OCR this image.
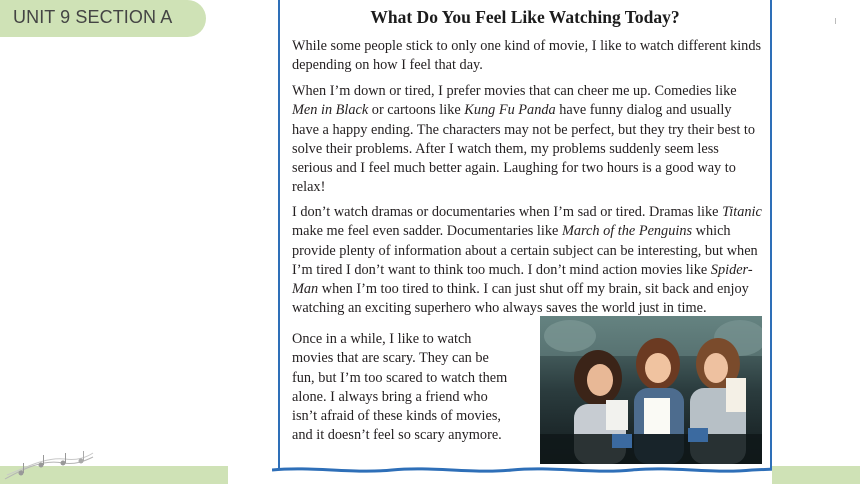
UNIT 9 SECTION A	What Do You Feel Like Watching Today?

While some people stick to only one kind of movie, I like to watch different kinds depending on how I feel that day.

When I’m down or tired, I prefer movies that can cheer me up. Comedies like Men in Black or cartoons like Kung Fu Panda have funny dialog and usually have a happy ending. The characters may not be perfect, but they try their best to solve their problems. After I watch them, my problems suddenly seem less serious and I feel much better again. Laughing for two hours is a good way to relax!

I don’t watch dramas or documentaries when I’m sad or tired. Dramas like Titanic make me feel even sadder. Documentaries like March of the Penguins which provide plenty of information about a certain subject can be interesting, but when I’m tired I don’t want to think too much. I don’t mind action movies like Spider-Man when I’m too tired to think. I can just shut off my brain, sit back and enjoy watching an exciting superhero who always saves the world just in time.

Once in a while, I like to watch movies that are scary. They can be fun, but I’m too scared to watch them alone. I always bring a friend who isn’t afraid of these kinds of movies, and it doesn’t feel so scary anymore.
